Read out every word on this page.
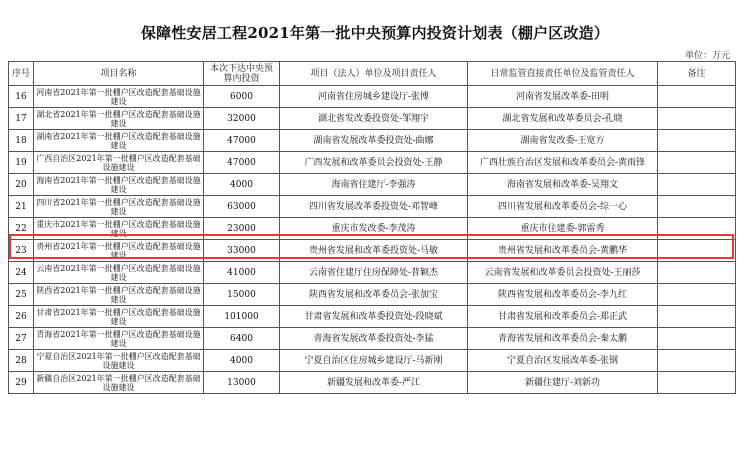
保障性安居工程2021年第一批中央预算内投资计划表（棚户区改造）
单位：万元
序号	项目名称	本次下达中央预算内投资	项目（法人）单位及项目责任人	日常监管直接责任单位及监管责任人	备注
16	河南省2021年第一批棚户区改造配套基础设施建设	6000	河南省住房城乡建设厅-张博	河南省发展改革委-田明	
17	湖北省2021年第一批棚户区改造配套基础设施建设	32000	湖北省发改委投资处-邹翔宇	湖北省发展和改革委员会-孔晓	
18	湖南省2021年第一批棚户区改造配套基础设施建设	47000	湖南省发展改革委投资处-曲娜	湖南省发改委-王宽方	
19	广西自治区2021年第一批棚户区改造配套基础设施建设	47000	广西发展和改革委员会投资处-王静	广西壮族自治区发展和改革委员会-黄雨锋	
20	海南省2021年第一批棚户区改造配套基础设施建设	4000	海南省住建厅-李强涛	海南省发展和改革委-吴翔文	
21	四川省2021年第一批棚户区改造配套基础设施建设	63000	四川省发展改革委投资处-邓智峰	四川省发展和改革委员会-综一心	
22	重庆市2021年第一批棚户区改造配套基础设施建设	23000	重庆市发改委-李茂涛	重庆市住建委-郭雷秀	
23	贵州省2021年第一批棚户区改造配套基础设施建设	33000	贵州省发展和改革委投资处-马敏	贵州省发展和改革委员会-黄鹏华	
24	云南省2021年第一批棚户区改造配套基础设施建设	41000	云南省住建厅住房保障处-普颖杰	云南省发展和改革委员会投资处-王丽莎	
25	陕西省2021年第一批棚户区改造配套基础设施建设	15000	陕西省发展和改革委员会-张加宝	陕西省发展和改革委员会-李九红	
26	甘肃省2021年第一批棚户区改造配套基础设施建设	101000	甘肃省发展和改革委投资处-段晓斌	甘肃省发展和改革委员会-郑正武	
27	青海省2021年第一批棚户区改造配套基础设施建设	6400	青海省发展改革委投资处-李猛	青海省发展和改革委员会-秦太鹏	
28	宁夏自治区2021年第一批棚户区改造配套基础设施建设	4000	宁夏自治区住房城乡建设厅-马新刚	宁夏自治区发展改革委-张钢	
29	新疆自治区2021年第一批棚户区改造配套基础设施建设	13000	新疆发展和改革委-严江	新疆住建厅-刘新功	
